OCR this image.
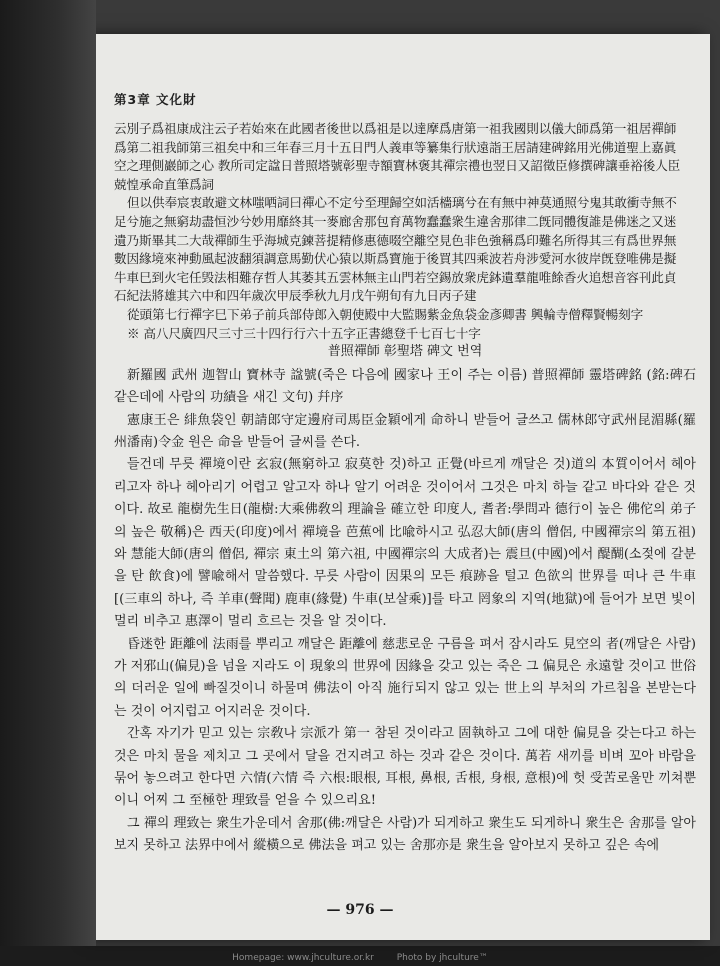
第3章 文化財

云別子爲祖康成注云子若始來在此國者後世以爲祖是以達摩爲唐第一祖我國則以儀大師爲第一祖居禪師

爲第二祖我師第三祖矣中和三年春三月十五日門人義車等纂集行狀遠詣王居請建碑銘用光佛道聖上嘉眞

空之理側巖師之心 教所司定諡日普照塔號彰聖寺額寶林褒其禪宗禮也翌日又詔徵臣修撰碑讓垂裕後人臣

兢惶承命直筆爲詞

但以供奉宸衷敢避文林嗤哂詞曰禪心不定兮至理歸空如活檣璃兮在有無中神莫通照兮鬼其敢衝寺無不

足兮施之無窮劫盡恒沙兮妙用靡終其一麥廊舍那包育萬物蠢蠢衆生違舍那律二旣同體復誰是佛迷之又迷

遺乃斯畢其二大哉禪師生乎海城克鍊菩提精修惠德啜空離空見色非色強稱爲印難名所得其三有爲世界無

數因緣境來神動風起波翻須調意馬勤伏心猿以斯爲寶施于後買其四乘波若舟涉愛河水彼岸旣登唯佛是擬

牛車巳到火宅任毁法相難存哲人其萎其五雲林無主山門若空錫放衆虎鉢遺羣龍唯餘香火追想音容刊此貞

石紀法將雄其六中和四年歲次甲辰季秋九月戊午朔旬有九日丙子建

從頭第七行禪字巳下弟子前兵部侍郎入朝使殿中大監賜紫金魚袋金彥卿書 興輪寺僧釋賢暢刻字

※ 高八尺廣四尺三寸三十四行行六十五字正書總登千七百七十字

普照禪師 彰聖塔 碑文 번역

新羅國 武州 迦智山 寶林寺 諡號(죽은 다음에 國家나 王이 주는 이름) 普照禪師 靈塔碑銘 (銘:碑石 같은데에 사람의 功績을 새긴 文句) 幷序

憲康王은 緋魚袋인 朝請郎守定邊府司馬臣金穎에게 命하니 받들어 글쓰고 儒林郎守武州昆湄縣(羅州潘南)令金 원은 命을 받들어 글씨를 쓴다.

들건데 무릇 禪境이란 玄寂(無窮하고 寂莫한 것)하고 正覺(바르게 깨달은 것)道의 本質이어서 헤아리고자 하나 헤아리기 어렵고 알고자 하나 알기 어려운 것이어서 그것은 마치 하늘 같고 바다와 같은 것이다. 故로 龍樹先生日(龍樹:大乘佛敎의 理論을 確立한 印度人, 耆者:學問과 德行이 높은 佛佗의 弟子의 높은 敬稱)은 西天(印度)에서 禪境을 芭蕉에 比喩하시고 弘忍大師(唐의 僧侶, 中國禪宗의 第五祖)와 慧能大師(唐의 僧侶, 禪宗 東土의 第六祖, 中國禪宗의 大成者)는 震旦(中國)에서 醍醐(소젖에 갈분을 탄 飮食)에 譬喩해서 말씀했다. 무릇 사람이 因果의 모든 痕跡을 털고 色欲의 世界를 떠나 큰 牛車[(三車의 하나, 즉 羊車(聲聞) 鹿車(緣覺) 牛車(보살乘)]를 타고 罔象의 지역(地獄)에 들어가 보면 빛이 멀리 비추고 惠澤이 멀리 흐르는 것을 알 것이다.

昏迷한 距離에 法雨를 뿌리고 깨달은 距離에 慈悲로운 구름을 펴서 잠시라도 見空의 者(깨달은 사람)가 저邪山(偏見)을 넘을 지라도 이 現象의 世界에 因緣을 갖고 있는 죽은 그 偏見은 永遠할 것이고 世俗의 더러운 일에 빠질것이니 하물며 佛法이 아직 施行되지 않고 있는 世上의 부처의 가르침을 본받는다는 것이 어지럽고 어지러운 것이다.

간혹 자기가 믿고 있는 宗敎나 宗派가 第一 참된 것이라고 固執하고 그에 대한 偏見을 갖는다고 하는 것은 마치 물을 제치고 그 곳에서 달을 건지려고 하는 것과 같은 것이다. 萬若 새끼를 비벼 꼬아 바람을 묶어 놓으려고 한다면 六情(六情 즉 六根:眼根, 耳根, 鼻根, 舌根, 身根, 意根)에 헛 受苦로울만 끼쳐뿐이니 어찌 그 至極한 理致를 얻을 수 있으리요!

그 禪의 理致는 衆生가운데서 舍那(佛:깨달은 사람)가 되게하고 衆生도 되게하니 衆生은 舍那를 알아보지 못하고 法界中에서 縱橫으로 佛法을 펴고 있는 舍那亦是 衆生을 알아보지 못하고 깊은 속에

— 976 —
Homepage: www.jhculture.or.kr	Photo by jhculture™
